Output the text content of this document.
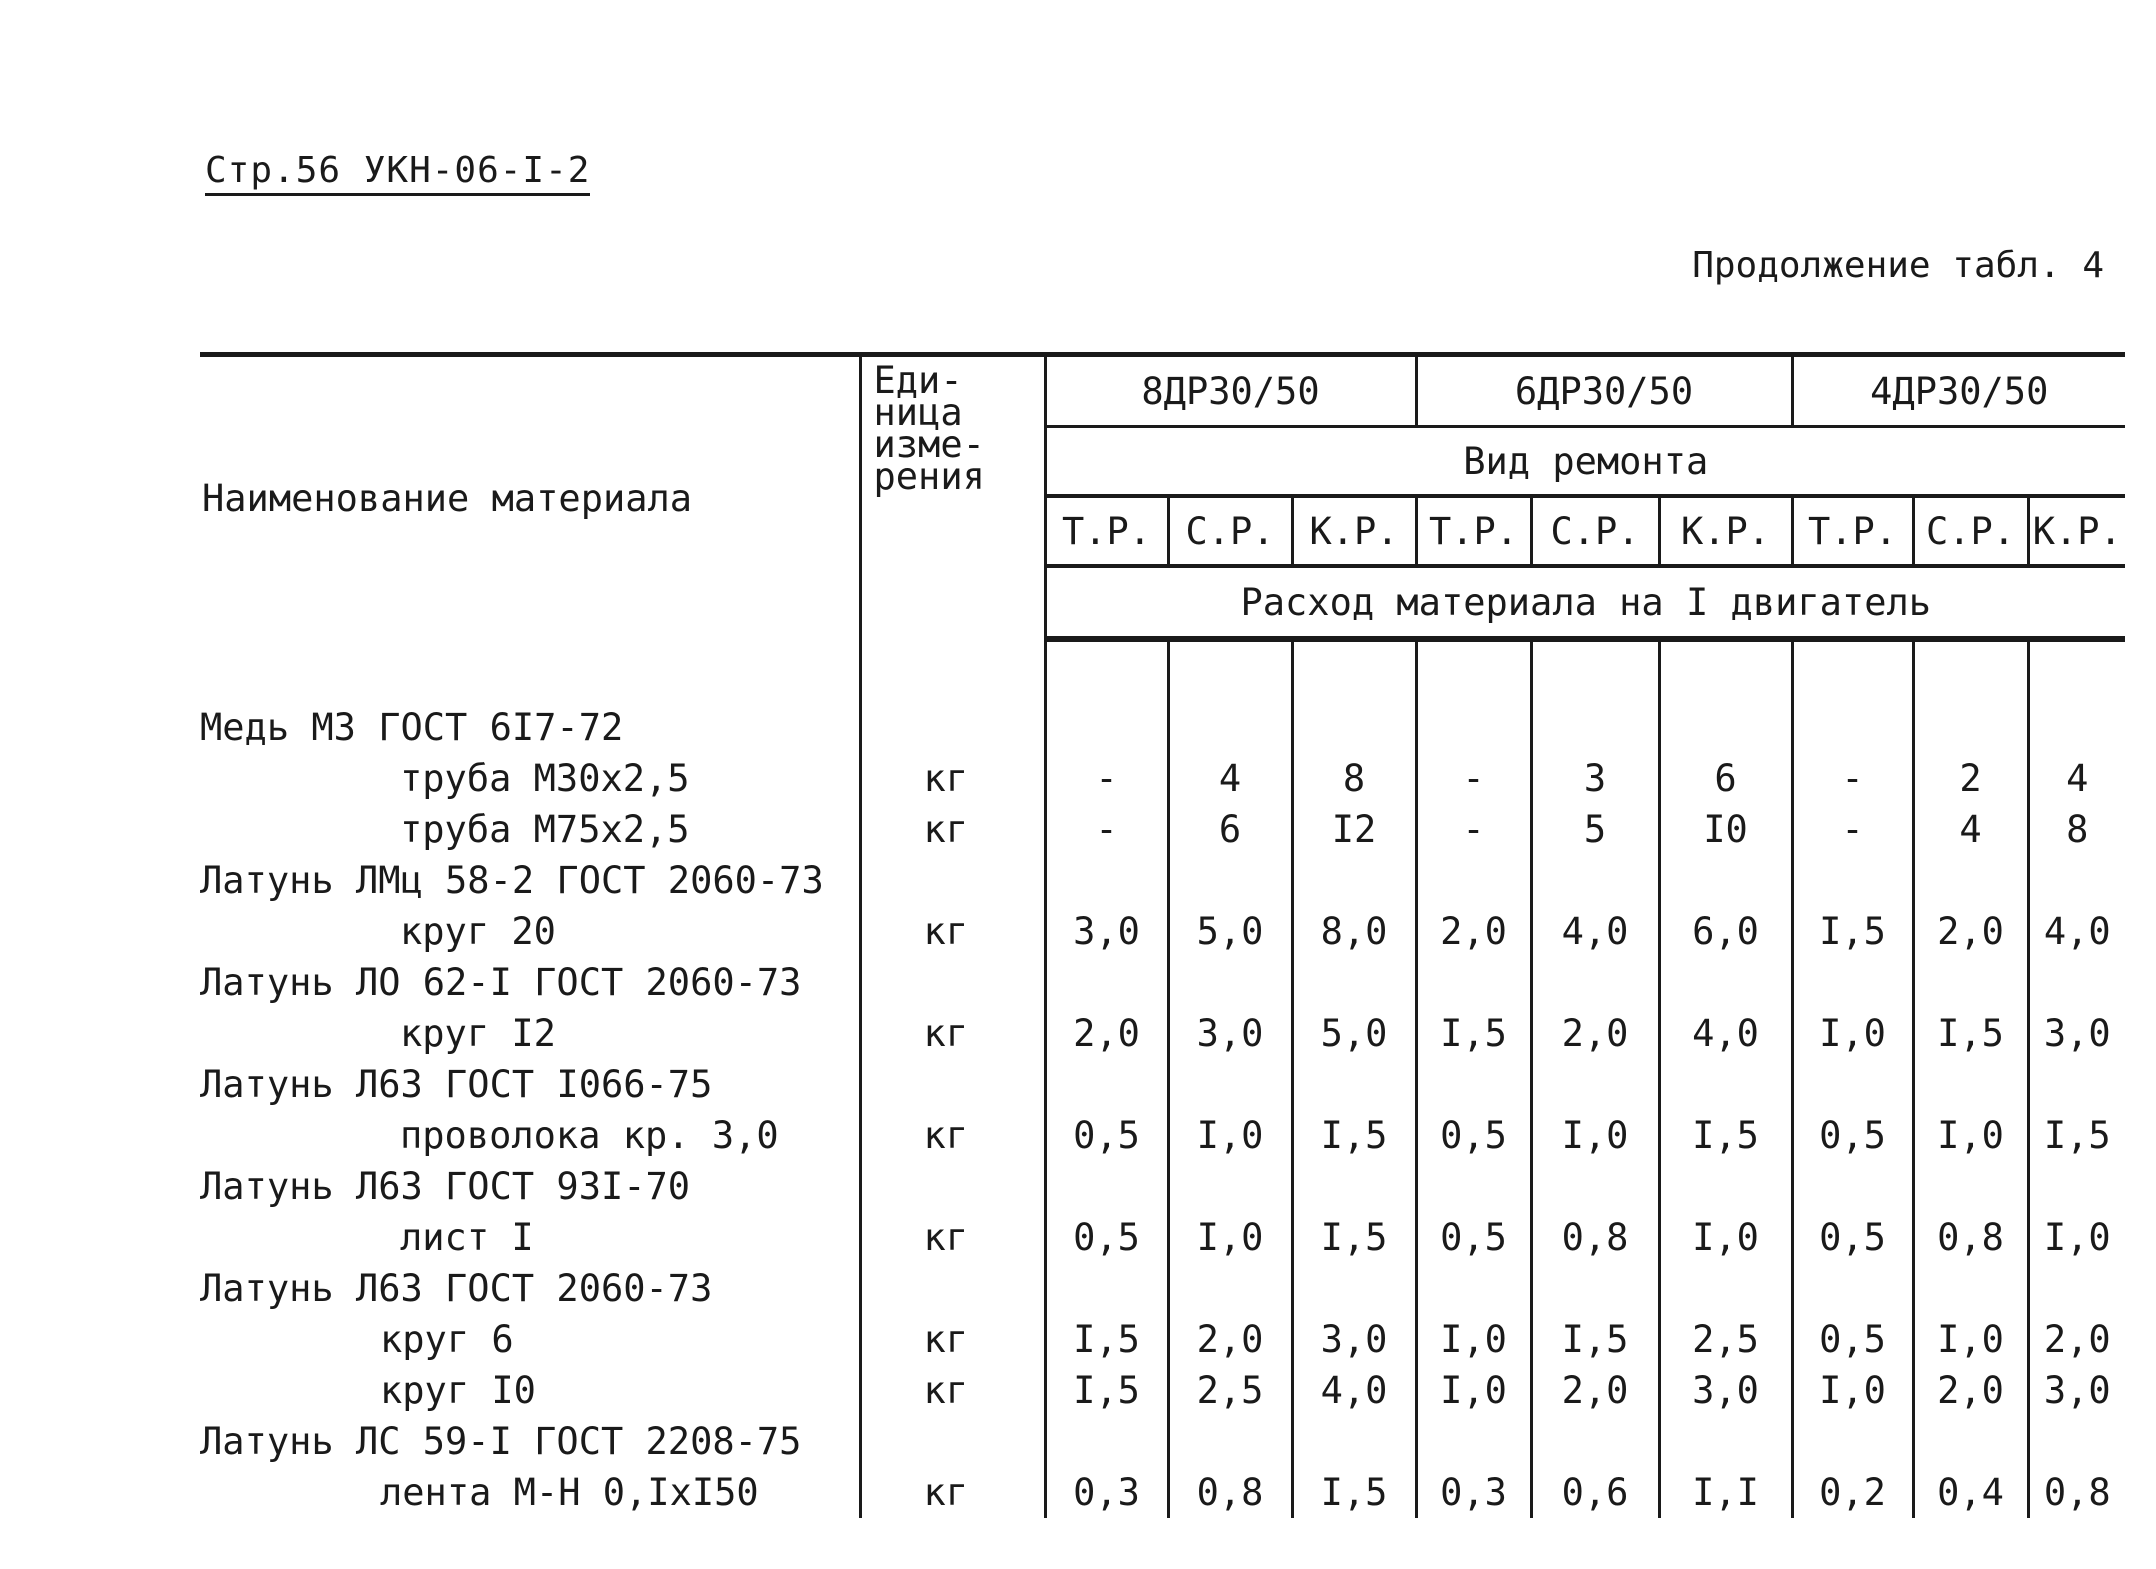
Стр.56 УКН-06-I-2
Продолжение табл. 4
Наименование материала	Еди-
ница
изме-
рения	8ДР30/50			6ДР30/50			4ДР30/50		
		Вид ремонта								
		Т.Р.	С.Р.	К.Р.	Т.Р.	С.Р.	К.Р.	Т.Р.	С.Р.	К.Р.
		Расход материала на I двигатель								

Медь М3 ГОСТ 6I7-72										
труба М30х2,5	кг	-	4	8	-	3	6	-	2	4
труба М75х2,5	кг	-	6	I2	-	5	I0	-	4	8
Латунь ЛМц 58-2 ГОСТ 2060-73										
круг 20	кг	3,0	5,0	8,0	2,0	4,0	6,0	I,5	2,0	4,0
Латунь ЛО 62-I ГОСТ 2060-73										
круг I2	кг	2,0	3,0	5,0	I,5	2,0	4,0	I,0	I,5	3,0
Латунь Л63 ГОСТ I066-75										
проволока кр. 3,0	кг	0,5	I,0	I,5	0,5	I,0	I,5	0,5	I,0	I,5
Латунь Л63 ГОСТ 93I-70										
лист I	кг	0,5	I,0	I,5	0,5	0,8	I,0	0,5	0,8	I,0
Латунь Л63 ГОСТ 2060-73										
круг 6	кг	I,5	2,0	3,0	I,0	I,5	2,5	0,5	I,0	2,0
круг I0	кг	I,5	2,5	4,0	I,0	2,0	3,0	I,0	2,0	3,0
Латунь ЛС 59-I ГОСТ 2208-75										
лента М-Н 0,IхI50	кг	0,3	0,8	I,5	0,3	0,6	I,I	0,2	0,4	0,8
